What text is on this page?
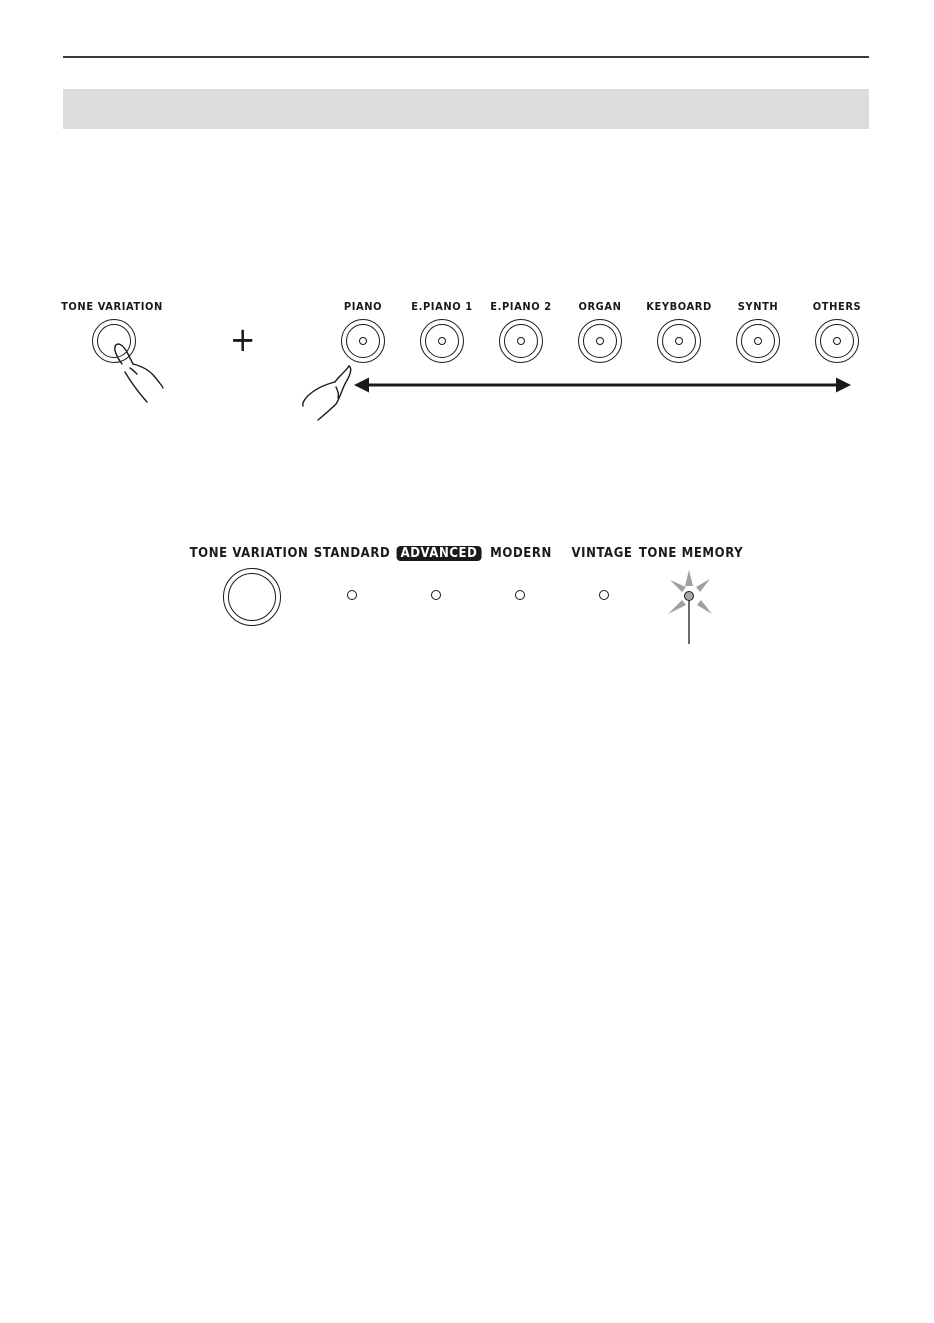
TONE VARIATION
+
PIANO	E.PIANO 1 E.PIANO 2 ORGAN KEYBOARD SYNTH	OTHERS
TONE VARIATION STANDARD ADVANCED MODERN VINTAGE TONE MEMORY
